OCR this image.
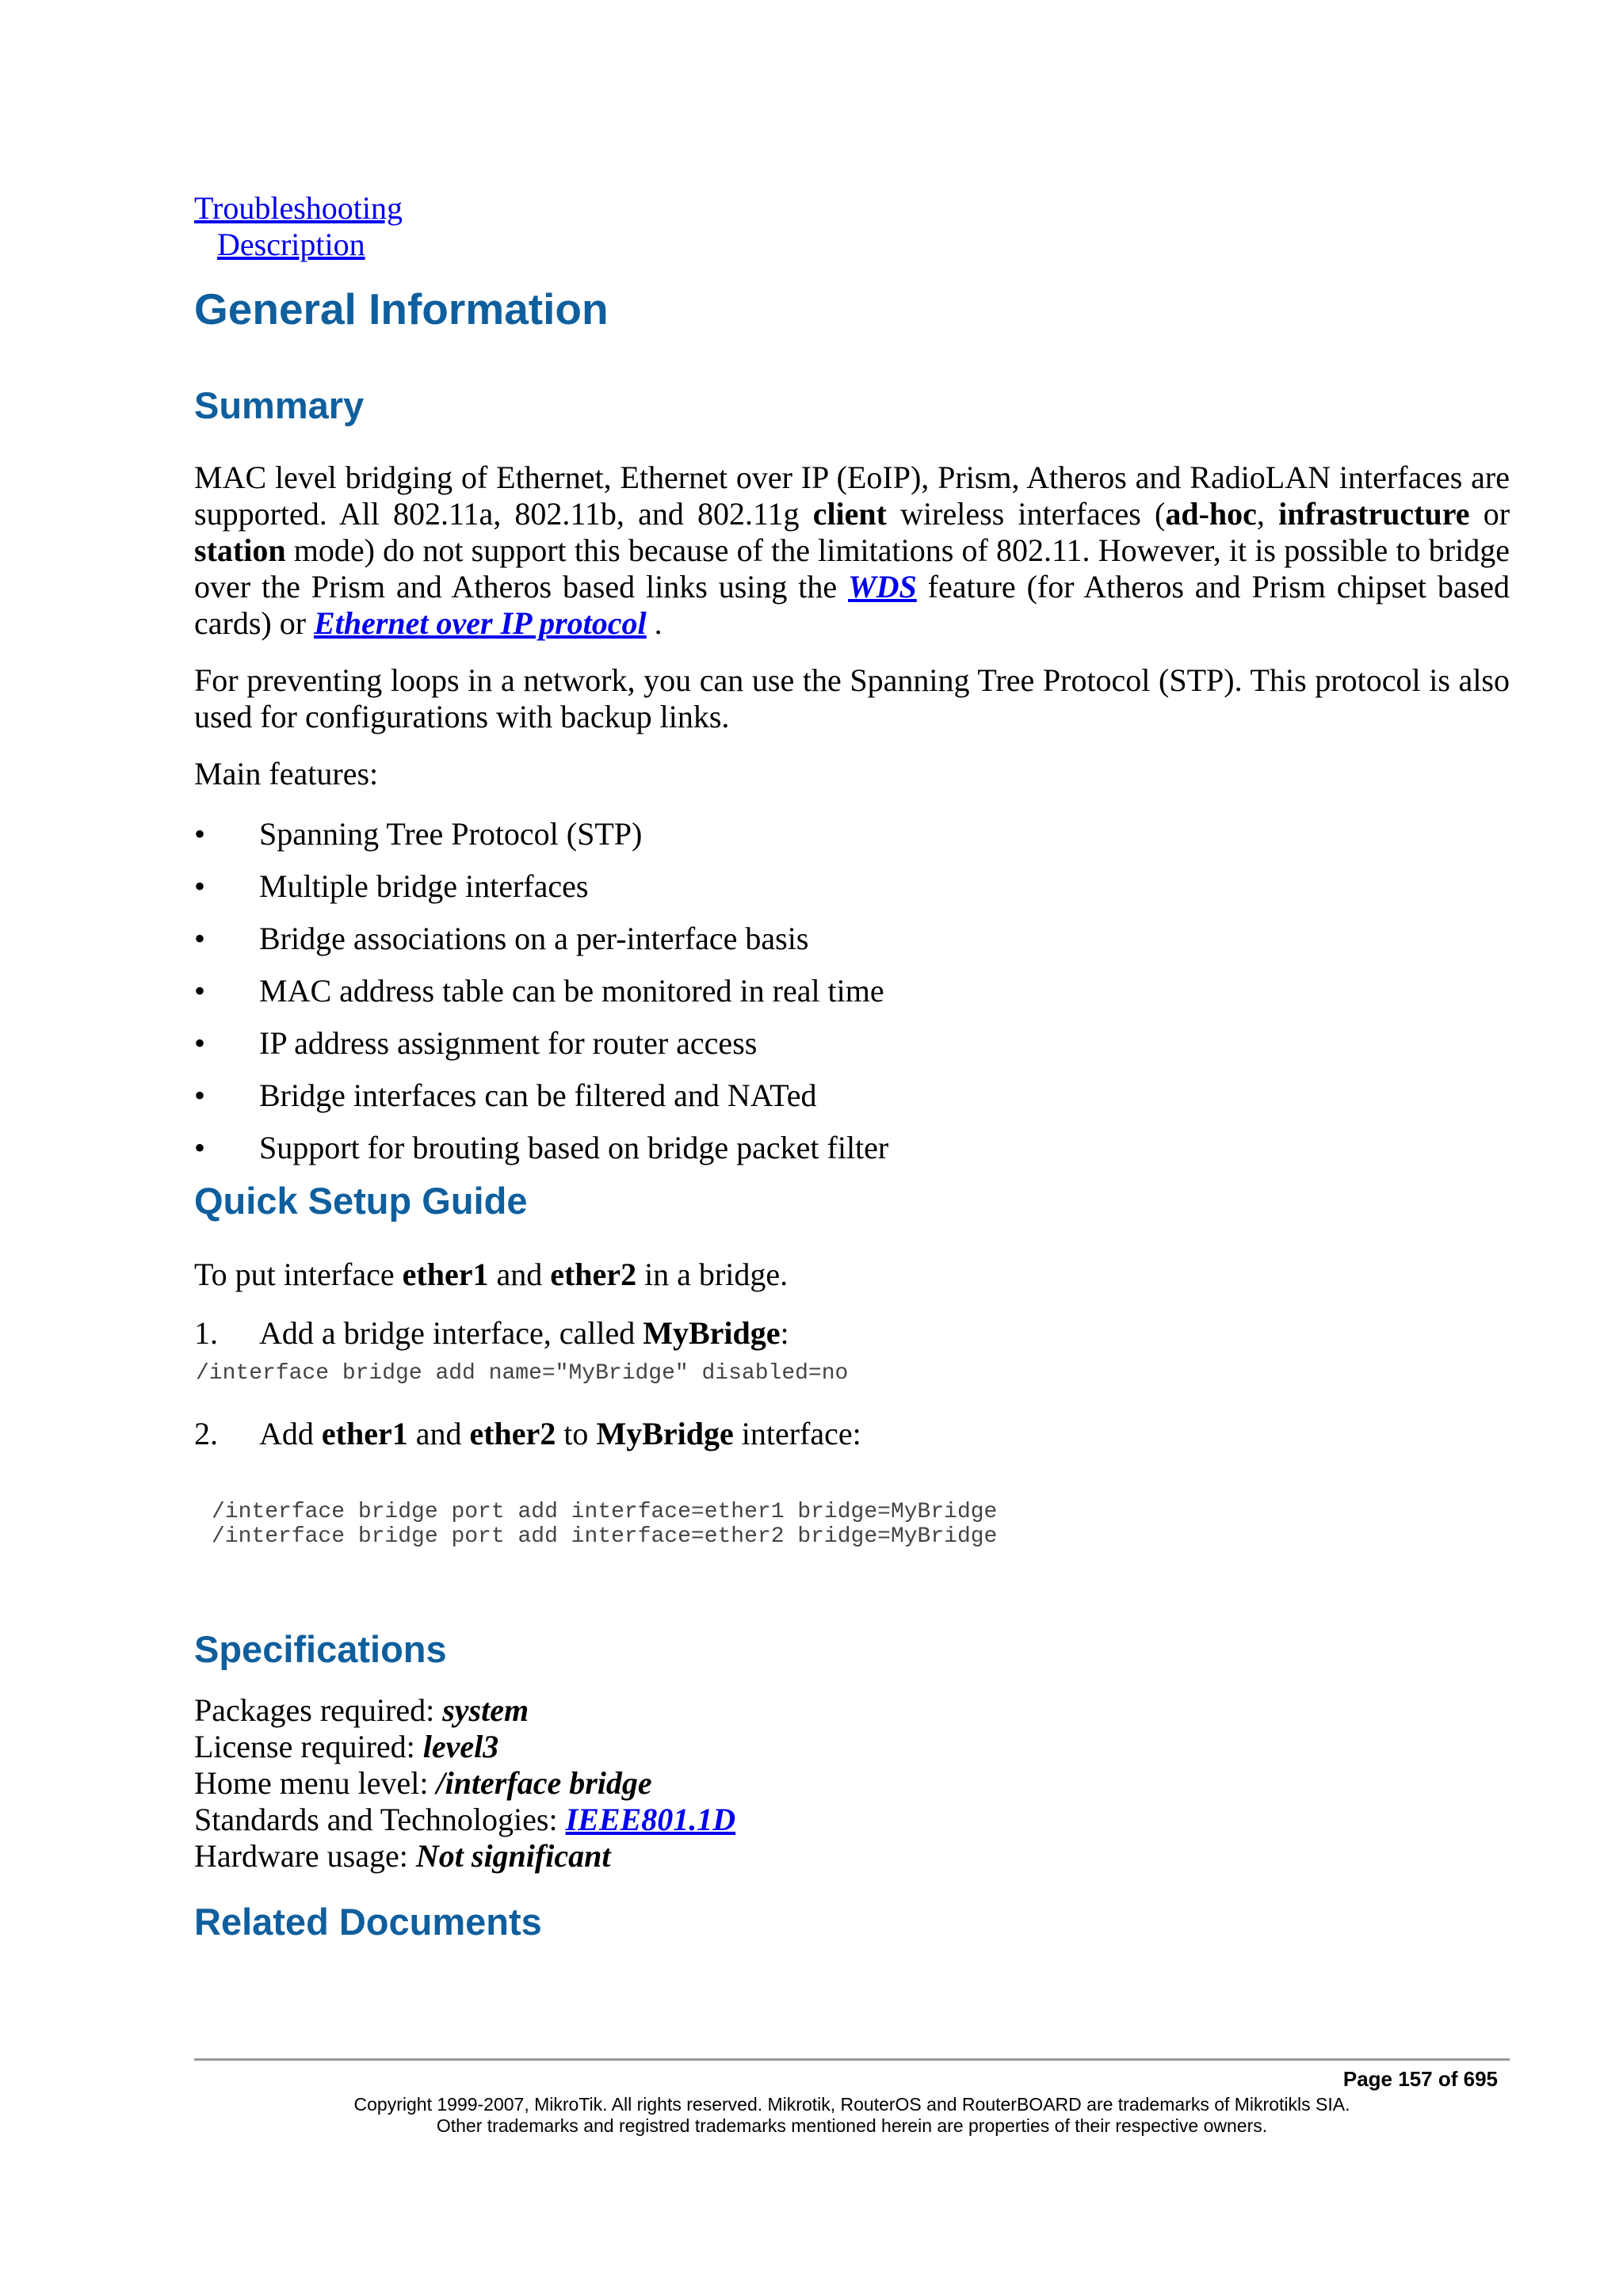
Troubleshooting
Description
General Information
Summary

MAC level bridging of Ethernet, Ethernet over IP (EoIP), Prism, Atheros and RadioLAN interfaces are supported. All 802.11a, 802.11b, and 802.11g client wireless interfaces (ad-hoc, infrastructure or station mode) do not support this because of the limitations of 802.11. However, it is possible to bridge over the Prism and Atheros based links using the WDS feature (for Atheros and Prism chipset based cards) or Ethernet over IP protocol .

For preventing loops in a network, you can use the Spanning Tree Protocol (STP). This protocol is also used for configurations with backup links.

Main features:

• Spanning Tree Protocol (STP)
• Multiple bridge interfaces
• Bridge associations on a per-interface basis
• MAC address table can be monitored in real time
• IP address assignment for router access
• Bridge interfaces can be filtered and NATed
• Support for brouting based on bridge packet filter
Quick Setup Guide

To put interface ether1 and ether2 in a bridge.

1. Add a bridge interface, called MyBridge:
/interface bridge add name="MyBridge" disabled=no
2. Add ether1 and ether2 to MyBridge interface:
/interface bridge port add interface=ether1 bridge=MyBridge
/interface bridge port add interface=ether2 bridge=MyBridge
Specifications
Packages required: system
License required: level3
Home menu level: /interface bridge
Standards and Technologies: IEEE801.1D
Hardware usage: Not significant
Related Documents
Page 157 of 695
Copyright 1999-2007, MikroTik. All rights reserved. Mikrotik, RouterOS and RouterBOARD are trademarks of Mikrotikls SIA.
Other trademarks and registred trademarks mentioned herein are properties of their respective owners.
